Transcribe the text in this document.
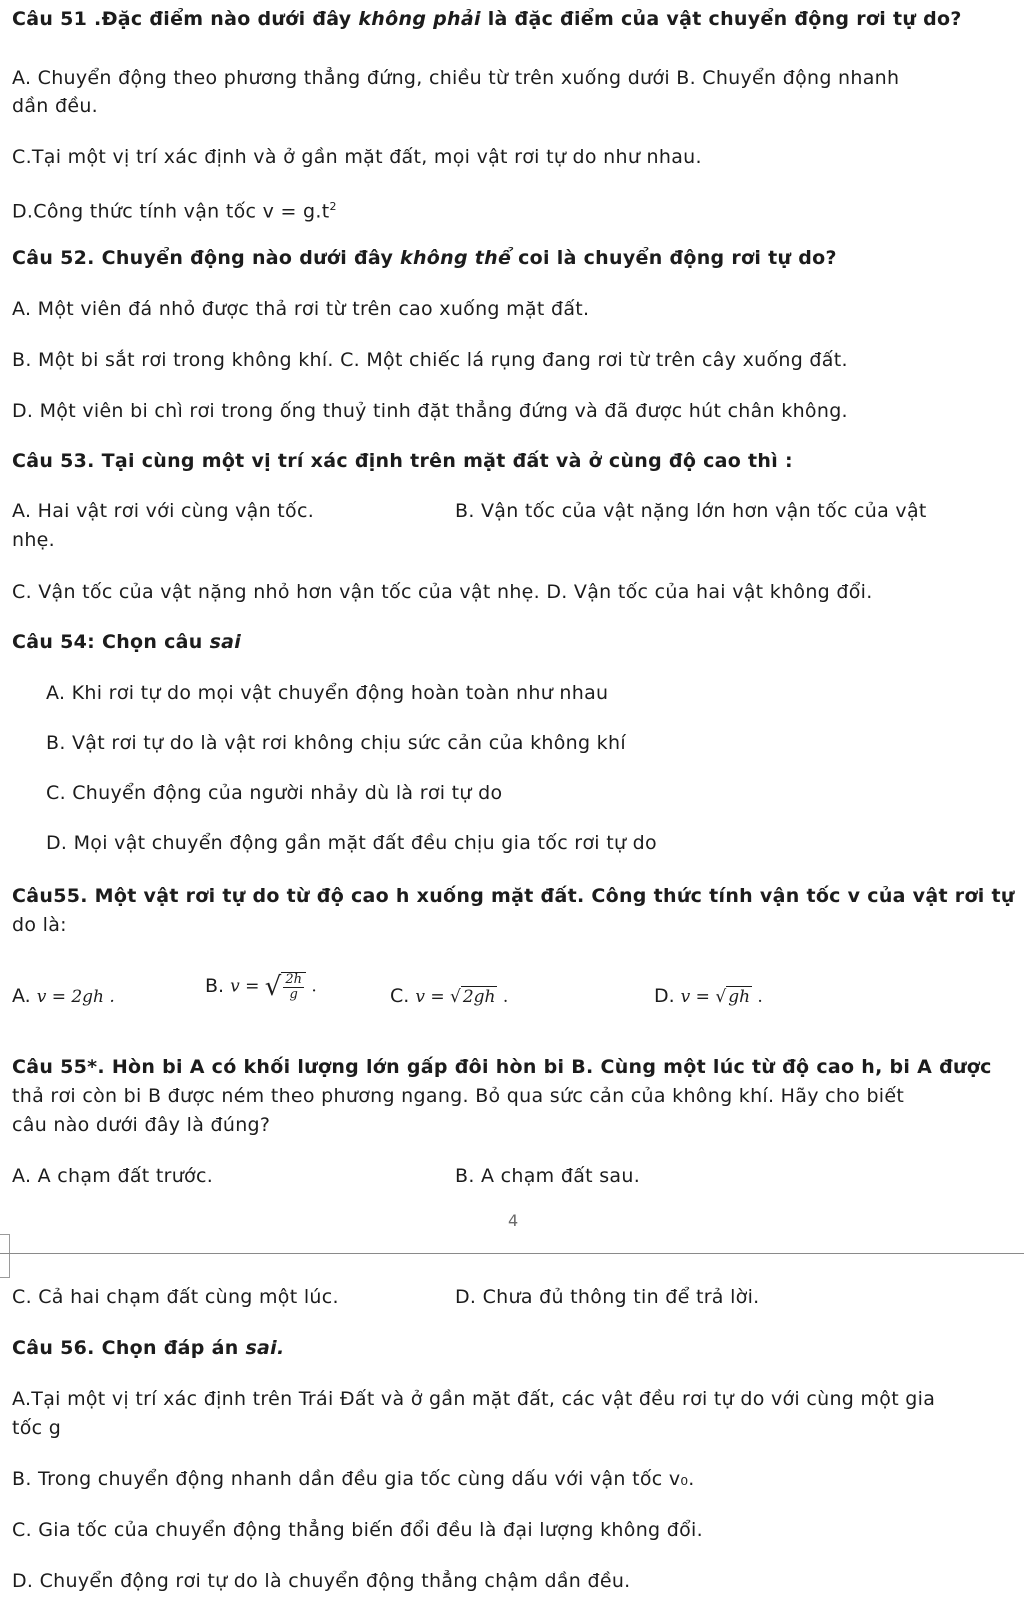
Câu 51 .Đặc điểm nào dưới đây không phải là đặc điểm của vật chuyển động rơi tự do?

A. Chuyển động theo phương thẳng đứng, chiều từ trên xuống dưới B. Chuyển động nhanh

dần đều.

C.Tại một vị trí xác định và ở gần mặt đất, mọi vật rơi tự do như nhau.

D.Công thức tính vận tốc $v = g.t^2$

Câu 52. Chuyển động nào dưới đây không thể coi là chuyển động rơi tự do?

A. Một viên đá nhỏ được thả rơi từ trên cao xuống mặt đất.

B. Một bi sắt rơi trong không khí. C. Một chiếc lá rụng đang rơi từ trên cây xuống đất.

D. Một viên bi chì rơi trong ống thuỷ tinh đặt thẳng đứng và đã được hút chân không.

Câu 53. Tại cùng một vị trí xác định trên mặt đất và ở cùng độ cao thì :

A. Hai vật rơi với cùng vận tốc.	B. Vận tốc của vật nặng lớn hơn vận tốc của vật

nhẹ.

C. Vận tốc của vật nặng nhỏ hơn vận tốc của vật nhẹ. D. Vận tốc của hai vật không đổi.

Câu 54: Chọn câu sai

A. Khi rơi tự do mọi vật chuyển động hoàn toàn như nhau

B. Vật rơi tự do là vật rơi không chịu sức cản của không khí

C. Chuyển động của người nhảy dù là rơi tự do

D. Mọi vật chuyển động gần mặt đất đều chịu gia tốc rơi tự do

Câu55. Một vật rơi tự do từ độ cao h xuống mặt đất. Công thức tính vận tốc v của vật rơi tự

do là:

A. v = 2gh .
B. v = √ $\frac{2h}{g}$ .	C. v = √ 2gh .	D. v = √ gh .

Câu 55*. Hòn bi A có khối lượng lớn gấp đôi hòn bi B. Cùng một lúc từ độ cao h, bi A được

thả rơi còn bi B được ném theo phương ngang. Bỏ qua sức cản của không khí. Hãy cho biết

câu nào dưới đây là đúng?

A. A chạm đất trước.	B. A chạm đất sau.

4

C. Cả hai chạm đất cùng một lúc.	D. Chưa đủ thông tin để trả lời.

Câu 56. Chọn đáp án sai.

A.Tại một vị trí xác định trên Trái Đất và ở gần mặt đất, các vật đều rơi tự do với cùng một gia

tốc g

B. Trong chuyển động nhanh dần đều gia tốc cùng dấu với vận tốc v₀.

C. Gia tốc của chuyển động thẳng biến đổi đều là đại lượng không đổi.

D. Chuyển động rơi tự do là chuyển động thẳng chậm dần đều.
